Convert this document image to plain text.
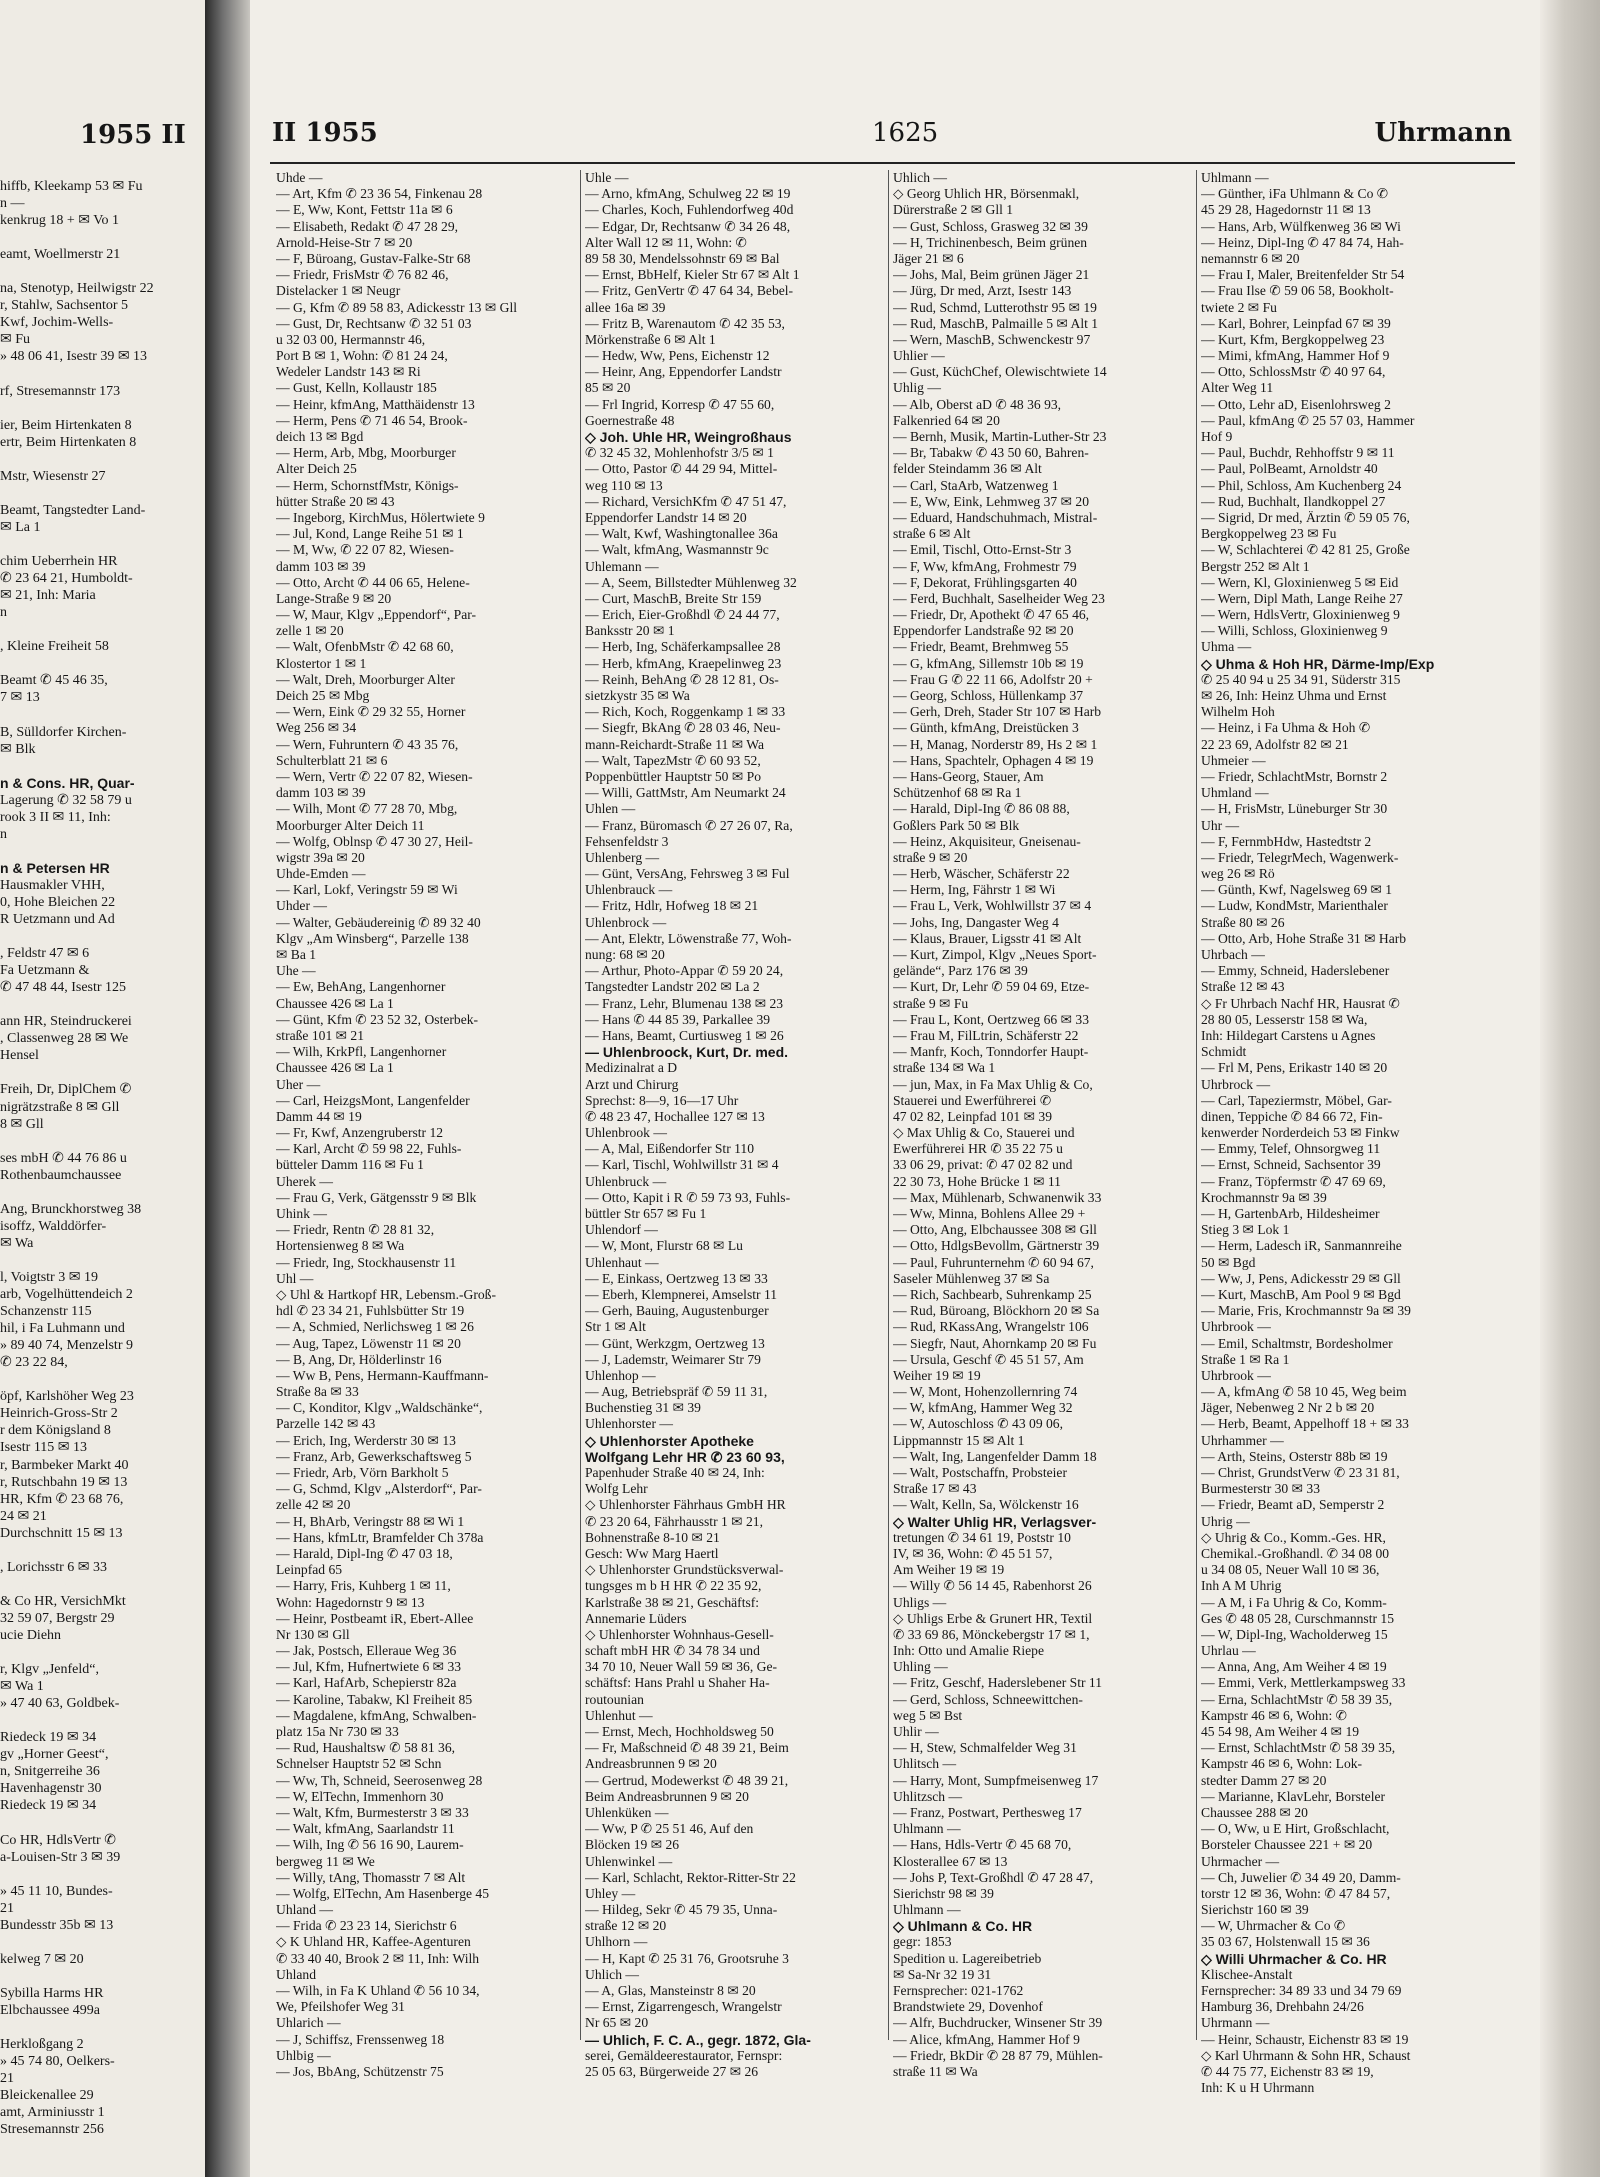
1955 II
hiffb, Kleekamp 53 ✉ Fu
n —
kenkrug 18 + ✉ Vo 1
eamt, Woellmerstr 21
na, Stenotyp, Heilwigstr 22
r, Stahlw, Sachsentor 5
Kwf, Jochim-Wells-
✉ Fu
» 48 06 41, Isestr 39 ✉ 13
rf, Stresemannstr 173
ier, Beim Hirtenkaten 8
ertr, Beim Hirtenkaten 8
Mstr, Wiesenstr 27
Beamt, Tangstedter Land-
✉ La 1
chim Ueberrhein HR
✆ 23 64 21, Humboldt-
✉ 21, Inh: Maria
n
, Kleine Freiheit 58
Beamt ✆ 45 46 35,
7 ✉ 13
B, Sülldorfer Kirchen-
✉ Blk
n & Cons. HR, Quar-
Lagerung ✆ 32 58 79 u
rook 3 II ✉ 11, Inh:
n
n & Petersen HR
Hausmakler VHH,
0, Hohe Bleichen 22
R Uetzmann und Ad
, Feldstr 47 ✉ 6
Fa Uetzmann &
✆ 47 48 44, Isestr 125
ann HR, Steindruckerei
, Classenweg 28 ✉ We
Hensel
Freih, Dr, DiplChem ✆
nigrätzstraße 8 ✉ Gll
8 ✉ Gll
ses mbH ✆ 44 76 86 u
Rothenbaumchaussee
Ang, Brunckhorstweg 38
isoffz, Walddörfer-
✉ Wa
l, Voigtstr 3 ✉ 19
arb, Vogelhüttendeich 2
Schanzenstr 115
hil, i Fa Luhmann und
» 89 40 74, Menzelstr 9
✆ 23 22 84,
öpf, Karlshöher Weg 23
Heinrich-Gross-Str 2
r dem Königsland 8
Isestr 115 ✉ 13
r, Barmbeker Markt 40
r, Rutschbahn 19 ✉ 13
HR, Kfm ✆ 23 68 76,
24 ✉ 21
Durchschnitt 15 ✉ 13
, Lorichsstr 6 ✉ 33
& Co HR, VersichMkt
32 59 07, Bergstr 29
ucie Diehn
r, Klgv „Jenfeld“,
✉ Wa 1
» 47 40 63, Goldbek-
Riedeck 19 ✉ 34
gv „Horner Geest“,
n, Snitgerreihe 36
Havenhagenstr 30
Riedeck 19 ✉ 34
Co HR, HdlsVertr ✆
a-Louisen-Str 3 ✉ 39
» 45 11 10, Bundes-
21
Bundesstr 35b ✉ 13
kelweg 7 ✉ 20
Sybilla Harms HR
Elbchaussee 499a
Herkloßgang 2
» 45 74 80, Oelkers-
21
Bleickenallee 29
amt, Arminiusstr 1
Stresemannstr 256
II 1955	1625	Uhrmann
Uhde —
— Art, Kfm ✆ 23 36 54, Finkenau 28
— E, Ww, Kont, Fettstr 11a ✉ 6
— Elisabeth, Redakt ✆ 47 28 29,
Arnold-Heise-Str 7 ✉ 20
— F, Büroang, Gustav-Falke-Str 68
— Friedr, FrisMstr ✆ 76 82 46,
Distelacker 1 ✉ Neugr
— G, Kfm ✆ 89 58 83, Adickesstr 13 ✉ Gll
— Gust, Dr, Rechtsanw ✆ 32 51 03
u 32 03 00, Hermannstr 46,
Port B ✉ 1, Wohn: ✆ 81 24 24,
Wedeler Landstr 143 ✉ Ri
— Gust, Kelln, Kollaustr 185
— Heinr, kfmAng, Matthäidenstr 13
— Herm, Pens ✆ 71 46 54, Brook-
deich 13 ✉ Bgd
— Herm, Arb, Mbg, Moorburger
Alter Deich 25
— Herm, SchornstfMstr, Königs-
hütter Straße 20 ✉ 43
— Ingeborg, KirchMus, Hölertwiete 9
— Jul, Kond, Lange Reihe 51 ✉ 1
— M, Ww, ✆ 22 07 82, Wiesen-
damm 103 ✉ 39
— Otto, Archt ✆ 44 06 65, Helene-
Lange-Straße 9 ✉ 20
— W, Maur, Klgv „Eppendorf“, Par-
zelle 1 ✉ 20
— Walt, OfenbMstr ✆ 42 68 60,
Klostertor 1 ✉ 1
— Walt, Dreh, Moorburger Alter
Deich 25 ✉ Mbg
— Wern, Eink ✆ 29 32 55, Horner
Weg 256 ✉ 34
— Wern, Fuhruntern ✆ 43 35 76,
Schulterblatt 21 ✉ 6
— Wern, Vertr ✆ 22 07 82, Wiesen-
damm 103 ✉ 39
— Wilh, Mont ✆ 77 28 70, Mbg,
Moorburger Alter Deich 11
— Wolfg, Oblnsp ✆ 47 30 27, Heil-
wigstr 39a ✉ 20
Uhde-Emden —
— Karl, Lokf, Veringstr 59 ✉ Wi
Uhder —
— Walter, Gebäudereinig ✆ 89 32 40
Klgv „Am Winsberg“, Parzelle 138
✉ Ba 1
Uhe —
— Ew, BehAng, Langenhorner
Chaussee 426 ✉ La 1
— Günt, Kfm ✆ 23 52 32, Osterbek-
straße 101 ✉ 21
— Wilh, KrkPfl, Langenhorner
Chaussee 426 ✉ La 1
Uher —
— Carl, HeizgsMont, Langenfelder
Damm 44 ✉ 19
— Fr, Kwf, Anzengruberstr 12
— Karl, Archt ✆ 59 98 22, Fuhls-
bütteler Damm 116 ✉ Fu 1
Uherek —
— Frau G, Verk, Gätgensstr 9 ✉ Blk
Uhink —
— Friedr, Rentn ✆ 28 81 32,
Hortensienweg 8 ✉ Wa
— Friedr, Ing, Stockhausenstr 11
Uhl —
◇ Uhl & Hartkopf HR, Lebensm.-Groß-
hdl ✆ 23 34 21, Fuhlsbütter Str 19
— A, Schmied, Nerlichsweg 1 ✉ 26
— Aug, Tapez, Löwenstr 11 ✉ 20
— B, Ang, Dr, Hölderlinstr 16
— Ww B, Pens, Hermann-Kauffmann-
Straße 8a ✉ 33
— C, Konditor, Klgv „Waldschänke“,
Parzelle 142 ✉ 43
— Erich, Ing, Werderstr 30 ✉ 13
— Franz, Arb, Gewerkschaftsweg 5
— Friedr, Arb, Vörn Barkholt 5
— G, Schmd, Klgv „Alsterdorf“, Par-
zelle 42 ✉ 20
— H, BhArb, Veringstr 88 ✉ Wi 1
— Hans, kfmLtr, Bramfelder Ch 378a
— Harald, Dipl-Ing ✆ 47 03 18,
Leinpfad 65
— Harry, Fris, Kuhberg 1 ✉ 11,
Wohn: Hagedornstr 9 ✉ 13
— Heinr, Postbeamt iR, Ebert-Allee
Nr 130 ✉ Gll
— Jak, Postsch, Elleraue Weg 36
— Jul, Kfm, Hufnertwiete 6 ✉ 33
— Karl, HafArb, Schepierstr 82a
— Karoline, Tabakw, Kl Freiheit 85
— Magdalene, kfmAng, Schwalben-
platz 15a Nr 730 ✉ 33
— Rud, Haushaltsw ✆ 58 81 36,
Schnelser Hauptstr 52 ✉ Schn
— Ww, Th, Schneid, Seerosenweg 28
— W, ElTechn, Immenhorn 30
— Walt, Kfm, Burmesterstr 3 ✉ 33
— Walt, kfmAng, Saarlandstr 11
— Wilh, Ing ✆ 56 16 90, Laurem-
bergweg 11 ✉ We
— Willy, tAng, Thomasstr 7 ✉ Alt
— Wolfg, ElTechn, Am Hasenberge 45
Uhland —
— Frida ✆ 23 23 14, Sierichstr 6
◇ K Uhland HR, Kaffee-Agenturen
✆ 33 40 40, Brook 2 ✉ 11, Inh: Wilh
Uhland
— Wilh, in Fa K Uhland ✆ 56 10 34,
We, Pfeilshofer Weg 31
Uhlarich —
— J, Schiffsz, Frenssenweg 18
Uhlbig —
— Jos, BbAng, Schützenstr 75
Uhle —
— Arno, kfmAng, Schulweg 22 ✉ 19
— Charles, Koch, Fuhlendorfweg 40d
— Edgar, Dr, Rechtsanw ✆ 34 26 48,
Alter Wall 12 ✉ 11, Wohn: ✆
89 58 30, Mendelssohnstr 69 ✉ Bal
— Ernst, BbHelf, Kieler Str 67 ✉ Alt 1
— Fritz, GenVertr ✆ 47 64 34, Bebel-
allee 16a ✉ 39
— Fritz B, Warenautom ✆ 42 35 53,
Mörkenstraße 6 ✉ Alt 1
— Hedw, Ww, Pens, Eichenstr 12
— Heinr, Ang, Eppendorfer Landstr
85 ✉ 20
— Frl Ingrid, Korresp ✆ 47 55 60,
Goernestraße 48
◇ Joh. Uhle HR, Weingroßhaus
✆ 32 45 32, Mohlenhofstr 3/5 ✉ 1
— Otto, Pastor ✆ 44 29 94, Mittel-
weg 110 ✉ 13
— Richard, VersichKfm ✆ 47 51 47,
Eppendorfer Landstr 14 ✉ 20
— Walt, Kwf, Washingtonallee 36a
— Walt, kfmAng, Wasmannstr 9c
Uhlemann —
— A, Seem, Billstedter Mühlenweg 32
— Curt, MaschB, Breite Str 159
— Erich, Eier-Großhdl ✆ 24 44 77,
Banksstr 20 ✉ 1
— Herb, Ing, Schäferkampsallee 28
— Herb, kfmAng, Kraepelinweg 23
— Reinh, BehAng ✆ 28 12 81, Os-
sietzkystr 35 ✉ Wa
— Rich, Koch, Roggenkamp 1 ✉ 33
— Siegfr, BkAng ✆ 28 03 46, Neu-
mann-Reichardt-Straße 11 ✉ Wa
— Walt, TapezMstr ✆ 60 93 52,
Poppenbüttler Hauptstr 50 ✉ Po
— Willi, GattMstr, Am Neumarkt 24
Uhlen —
— Franz, Büromasch ✆ 27 26 07, Ra,
Fehsenfeldstr 3
Uhlenberg —
— Günt, VersAng, Fehrsweg 3 ✉ Ful
Uhlenbrauck —
— Fritz, Hdlr, Hofweg 18 ✉ 21
Uhlenbrock —
— Ant, Elektr, Löwenstraße 77, Woh-
nung: 68 ✉ 20
— Arthur, Photo-Appar ✆ 59 20 24,
Tangstedter Landstr 202 ✉ La 2
— Franz, Lehr, Blumenau 138 ✉ 23
— Hans ✆ 44 85 39, Parkallee 39
— Hans, Beamt, Curtiusweg 1 ✉ 26
— Uhlenbroock, Kurt, Dr. med.
Medizinalrat a D
Arzt und Chirurg
Sprechst: 8—9, 16—17 Uhr
✆ 48 23 47, Hochallee 127 ✉ 13
Uhlenbrook —
— A, Mal, Eißendorfer Str 110
— Karl, Tischl, Wohlwillstr 31 ✉ 4
Uhlenbruck —
— Otto, Kapit i R ✆ 59 73 93, Fuhls-
büttler Str 657 ✉ Fu 1
Uhlendorf —
— W, Mont, Flurstr 68 ✉ Lu
Uhlenhaut —
— E, Einkass, Oertzweg 13 ✉ 33
— Eberh, Klempnerei, Amselstr 11
— Gerh, Bauing, Augustenburger
Str 1 ✉ Alt
— Günt, Werkzgm, Oertzweg 13
— J, Lademstr, Weimarer Str 79
Uhlenhop —
— Aug, Betriebspräf ✆ 59 11 31,
Buchenstieg 31 ✉ 39
Uhlenhorster —
◇ Uhlenhorster Apotheke
Wolfgang Lehr HR ✆ 23 60 93,
Papenhuder Straße 40 ✉ 24, Inh:
Wolfg Lehr
◇ Uhlenhorster Fährhaus GmbH HR
✆ 23 20 64, Fährhausstr 1 ✉ 21,
Bohnenstraße 8-10 ✉ 21
Gesch: Ww Marg Haertl
◇ Uhlenhorster Grundstücksverwal-
tungsges m b H HR ✆ 22 35 92,
Karlstraße 38 ✉ 21, Geschäftsf:
Annemarie Lüders
◇ Uhlenhorster Wohnhaus-Gesell-
schaft mbH HR ✆ 34 78 34 und
34 70 10, Neuer Wall 59 ✉ 36, Ge-
schäftsf: Hans Prahl u Shaher Ha-
routounian
Uhlenhut —
— Ernst, Mech, Hochholdsweg 50
— Fr, Maßschneid ✆ 48 39 21, Beim
Andreasbrunnen 9 ✉ 20
— Gertrud, Modewerkst ✆ 48 39 21,
Beim Andreasbrunnen 9 ✉ 20
Uhlenküken —
— Ww, P ✆ 25 51 46, Auf den
Blöcken 19 ✉ 26
Uhlenwinkel —
— Karl, Schlacht, Rektor-Ritter-Str 22
Uhley —
— Hildeg, Sekr ✆ 45 79 35, Unna-
straße 12 ✉ 20
Uhlhorn —
— H, Kapt ✆ 25 31 76, Grootsruhe 3
Uhlich —
— A, Glas, Mansteinstr 8 ✉ 20
— Ernst, Zigarrengesch, Wrangelstr
Nr 65 ✉ 20
— Uhlich, F. C. A., gegr. 1872, Gla-
serei, Gemäldeerestaurator, Fernspr:
25 05 63, Bürgerweide 27 ✉ 26
Uhlich —
◇ Georg Uhlich HR, Börsenmakl,
Dürerstraße 2 ✉ Gll 1
— Gust, Schloss, Grasweg 32 ✉ 39
— H, Trichinenbesch, Beim grünen
Jäger 21 ✉ 6
— Johs, Mal, Beim grünen Jäger 21
— Jürg, Dr med, Arzt, Isestr 143
— Rud, Schmd, Lutterothstr 95 ✉ 19
— Rud, MaschB, Palmaille 5 ✉ Alt 1
— Wern, MaschB, Schwenckestr 97
Uhlier —
— Gust, KüchChef, Olewischtwiete 14
Uhlig —
— Alb, Oberst aD ✆ 48 36 93,
Falkenried 64 ✉ 20
— Bernh, Musik, Martin-Luther-Str 23
— Br, Tabakw ✆ 43 50 60, Bahren-
felder Steindamm 36 ✉ Alt
— Carl, StaArb, Watzenweg 1
— E, Ww, Eink, Lehmweg 37 ✉ 20
— Eduard, Handschuhmach, Mistral-
straße 6 ✉ Alt
— Emil, Tischl, Otto-Ernst-Str 3
— F, Ww, kfmAng, Frohmestr 79
— F, Dekorat, Frühlingsgarten 40
— Ferd, Buchhalt, Saselheider Weg 23
— Friedr, Dr, Apothekt ✆ 47 65 46,
Eppendorfer Landstraße 92 ✉ 20
— Friedr, Beamt, Brehmweg 55
— G, kfmAng, Sillemstr 10b ✉ 19
— Frau G ✆ 22 11 66, Adolfstr 20 +
— Georg, Schloss, Hüllenkamp 37
— Gerh, Dreh, Stader Str 107 ✉ Harb
— Günth, kfmAng, Dreistücken 3
— H, Manag, Norderstr 89, Hs 2 ✉ 1
— Hans, Spachtelr, Ophagen 4 ✉ 19
— Hans-Georg, Stauer, Am
Schützenhof 68 ✉ Ra 1
— Harald, Dipl-Ing ✆ 86 08 88,
Goßlers Park 50 ✉ Blk
— Heinz, Akquisiteur, Gneisenau-
straße 9 ✉ 20
— Herb, Wäscher, Schäferstr 22
— Herm, Ing, Fährstr 1 ✉ Wi
— Frau L, Verk, Wohlwillstr 37 ✉ 4
— Johs, Ing, Dangaster Weg 4
— Klaus, Brauer, Ligsstr 41 ✉ Alt
— Kurt, Zimpol, Klgv „Neues Sport-
gelände“, Parz 176 ✉ 39
— Kurt, Dr, Lehr ✆ 59 04 69, Etze-
straße 9 ✉ Fu
— Frau L, Kont, Oertzweg 66 ✉ 33
— Frau M, FilLtrin, Schäferstr 22
— Manfr, Koch, Tonndorfer Haupt-
straße 134 ✉ Wa 1
— jun, Max, in Fa Max Uhlig & Co,
Stauerei und Ewerführerei ✆
47 02 82, Leinpfad 101 ✉ 39
◇ Max Uhlig & Co, Stauerei und
Ewerführerei HR ✆ 35 22 75 u
33 06 29, privat: ✆ 47 02 82 und
22 30 73, Hohe Brücke 1 ✉ 11
— Max, Mühlenarb, Schwanenwik 33
— Ww, Minna, Bohlens Allee 29 +
— Otto, Ang, Elbchaussee 308 ✉ Gll
— Otto, HdlgsBevollm, Gärtnerstr 39
— Paul, Fuhrunternehm ✆ 60 94 67,
Saseler Mühlenweg 37 ✉ Sa
— Rich, Sachbearb, Suhrenkamp 25
— Rud, Büroang, Blöckhorn 20 ✉ Sa
— Rud, RKassAng, Wrangelstr 106
— Siegfr, Naut, Ahornkamp 20 ✉ Fu
— Ursula, Geschf ✆ 45 51 57, Am
Weiher 19 ✉ 19
— W, Mont, Hohenzollernring 74
— W, kfmAng, Hammer Weg 32
— W, Autoschloss ✆ 43 09 06,
Lippmannstr 15 ✉ Alt 1
— Walt, Ing, Langenfelder Damm 18
— Walt, Postschaffn, Probsteier
Straße 17 ✉ 43
— Walt, Kelln, Sa, Wölckenstr 16
◇ Walter Uhlig HR, Verlagsver-
tretungen ✆ 34 61 19, Poststr 10
IV, ✉ 36, Wohn: ✆ 45 51 57,
Am Weiher 19 ✉ 19
— Willy ✆ 56 14 45, Rabenhorst 26
Uhligs —
◇ Uhligs Erbe & Grunert HR, Textil
✆ 33 69 86, Mönckebergstr 17 ✉ 1,
Inh: Otto und Amalie Riepe
Uhling —
— Fritz, Geschf, Haderslebener Str 11
— Gerd, Schloss, Schneewittchen-
weg 5 ✉ Bst
Uhlir —
— H, Stew, Schmalfelder Weg 31
Uhlitsch —
— Harry, Mont, Sumpfmeisenweg 17
Uhlitzsch —
— Franz, Postwart, Perthesweg 17
Uhlmann —
— Hans, Hdls-Vertr ✆ 45 68 70,
Klosterallee 67 ✉ 13
— Johs P, Text-Großhdl ✆ 47 28 47,
Sierichstr 98 ✉ 39
Uhlmann —
◇ Uhlmann & Co. HR
gegr: 1853
Spedition u. Lagereibetrieb
✉ Sa-Nr 32 19 31
Fernsprecher: 021-1762
Brandstwiete 29, Dovenhof
— Alfr, Buchdrucker, Winsener Str 39
— Alice, kfmAng, Hammer Hof 9
— Friedr, BkDir ✆ 28 87 79, Mühlen-
straße 11 ✉ Wa
Uhlmann —
— Günther, iFa Uhlmann & Co ✆
45 29 28, Hagedornstr 11 ✉ 13
— Hans, Arb, Wülfkenweg 36 ✉ Wi
— Heinz, Dipl-Ing ✆ 47 84 74, Hah-
nemannstr 6 ✉ 20
— Frau I, Maler, Breitenfelder Str 54
— Frau Ilse ✆ 59 06 58, Bookholt-
twiete 2 ✉ Fu
— Karl, Bohrer, Leinpfad 67 ✉ 39
— Kurt, Kfm, Bergkoppelweg 23
— Mimi, kfmAng, Hammer Hof 9
— Otto, SchlossMstr ✆ 40 97 64,
Alter Weg 11
— Otto, Lehr aD, Eisenlohrsweg 2
— Paul, kfmAng ✆ 25 57 03, Hammer
Hof 9
— Paul, Buchdr, Rehhoffstr 9 ✉ 11
— Paul, PolBeamt, Arnoldstr 40
— Phil, Schloss, Am Kuchenberg 24
— Rud, Buchhalt, Ilandkoppel 27
— Sigrid, Dr med, Ärztin ✆ 59 05 76,
Bergkoppelweg 23 ✉ Fu
— W, Schlachterei ✆ 42 81 25, Große
Bergstr 252 ✉ Alt 1
— Wern, Kl, Gloxinienweg 5 ✉ Eid
— Wern, Dipl Math, Lange Reihe 27
— Wern, HdlsVertr, Gloxinienweg 9
— Willi, Schloss, Gloxinienweg 9
Uhma —
◇ Uhma & Hoh HR, Därme-Imp/Exp
✆ 25 40 94 u 25 34 91, Süderstr 315
✉ 26, Inh: Heinz Uhma und Ernst
Wilhelm Hoh
— Heinz, i Fa Uhma & Hoh ✆
22 23 69, Adolfstr 82 ✉ 21
Uhmeier —
— Friedr, SchlachtMstr, Bornstr 2
Uhmland —
— H, FrisMstr, Lüneburger Str 30
Uhr —
— F, FernmbHdw, Hastedtstr 2
— Friedr, TelegrMech, Wagenwerk-
weg 26 ✉ Rö
— Günth, Kwf, Nagelsweg 69 ✉ 1
— Ludw, KondMstr, Marienthaler
Straße 80 ✉ 26
— Otto, Arb, Hohe Straße 31 ✉ Harb
Uhrbach —
— Emmy, Schneid, Haderslebener
Straße 12 ✉ 43
◇ Fr Uhrbach Nachf HR, Hausrat ✆
28 80 05, Lesserstr 158 ✉ Wa,
Inh: Hildegart Carstens u Agnes
Schmidt
— Frl M, Pens, Erikastr 140 ✉ 20
Uhrbrock —
— Carl, Tapeziermstr, Möbel, Gar-
dinen, Teppiche ✆ 84 66 72, Fin-
kenwerder Norderdeich 53 ✉ Finkw
— Emmy, Telef, Ohnsorgweg 11
— Ernst, Schneid, Sachsentor 39
— Franz, Töpfermstr ✆ 47 69 69,
Krochmannstr 9a ✉ 39
— H, GartenbArb, Hildesheimer
Stieg 3 ✉ Lok 1
— Herm, Ladesch iR, Sanmannreihe
50 ✉ Bgd
— Ww, J, Pens, Adickesstr 29 ✉ Gll
— Kurt, MaschB, Am Pool 9 ✉ Bgd
— Marie, Fris, Krochmannstr 9a ✉ 39
Uhrbrook —
— Emil, Schaltmstr, Bordesholmer
Straße 1 ✉ Ra 1
Uhrbrook —
— A, kfmAng ✆ 58 10 45, Weg beim
Jäger, Nebenweg 2 Nr 2 b ✉ 20
— Herb, Beamt, Appelhoff 18 + ✉ 33
Uhrhammer —
— Arth, Steins, Osterstr 88b ✉ 19
— Christ, GrundstVerw ✆ 23 31 81,
Burmesterstr 30 ✉ 33
— Friedr, Beamt aD, Semperstr 2
Uhrig —
◇ Uhrig & Co., Komm.-Ges. HR,
Chemikal.-Großhandl. ✆ 34 08 00
u 34 08 05, Neuer Wall 10 ✉ 36,
Inh A M Uhrig
— A M, i Fa Uhrig & Co, Komm-
Ges ✆ 48 05 28, Curschmannstr 15
— W, Dipl-Ing, Wacholderweg 15
Uhrlau —
— Anna, Ang, Am Weiher 4 ✉ 19
— Emmi, Verk, Mettlerkampsweg 33
— Erna, SchlachtMstr ✆ 58 39 35,
Kampstr 46 ✉ 6, Wohn: ✆
45 54 98, Am Weiher 4 ✉ 19
— Ernst, SchlachtMstr ✆ 58 39 35,
Kampstr 46 ✉ 6, Wohn: Lok-
stedter Damm 27 ✉ 20
— Marianne, KlavLehr, Borsteler
Chaussee 288 ✉ 20
— O, Ww, u E Hirt, Großschlacht,
Borsteler Chaussee 221 + ✉ 20
Uhrmacher —
— Ch, Juwelier ✆ 34 49 20, Damm-
torstr 12 ✉ 36, Wohn: ✆ 47 84 57,
Sierichstr 160 ✉ 39
— W, Uhrmacher & Co ✆
35 03 67, Holstenwall 15 ✉ 36
◇ Willi Uhrmacher & Co. HR
Klischee-Anstalt
Fernsprecher: 34 89 33 und 34 79 69
Hamburg 36, Drehbahn 24/26
Uhrmann —
— Heinr, Schaustr, Eichenstr 83 ✉ 19
◇ Karl Uhrmann & Sohn HR, Schaust
✆ 44 75 77, Eichenstr 83 ✉ 19,
Inh: K u H Uhrmann
